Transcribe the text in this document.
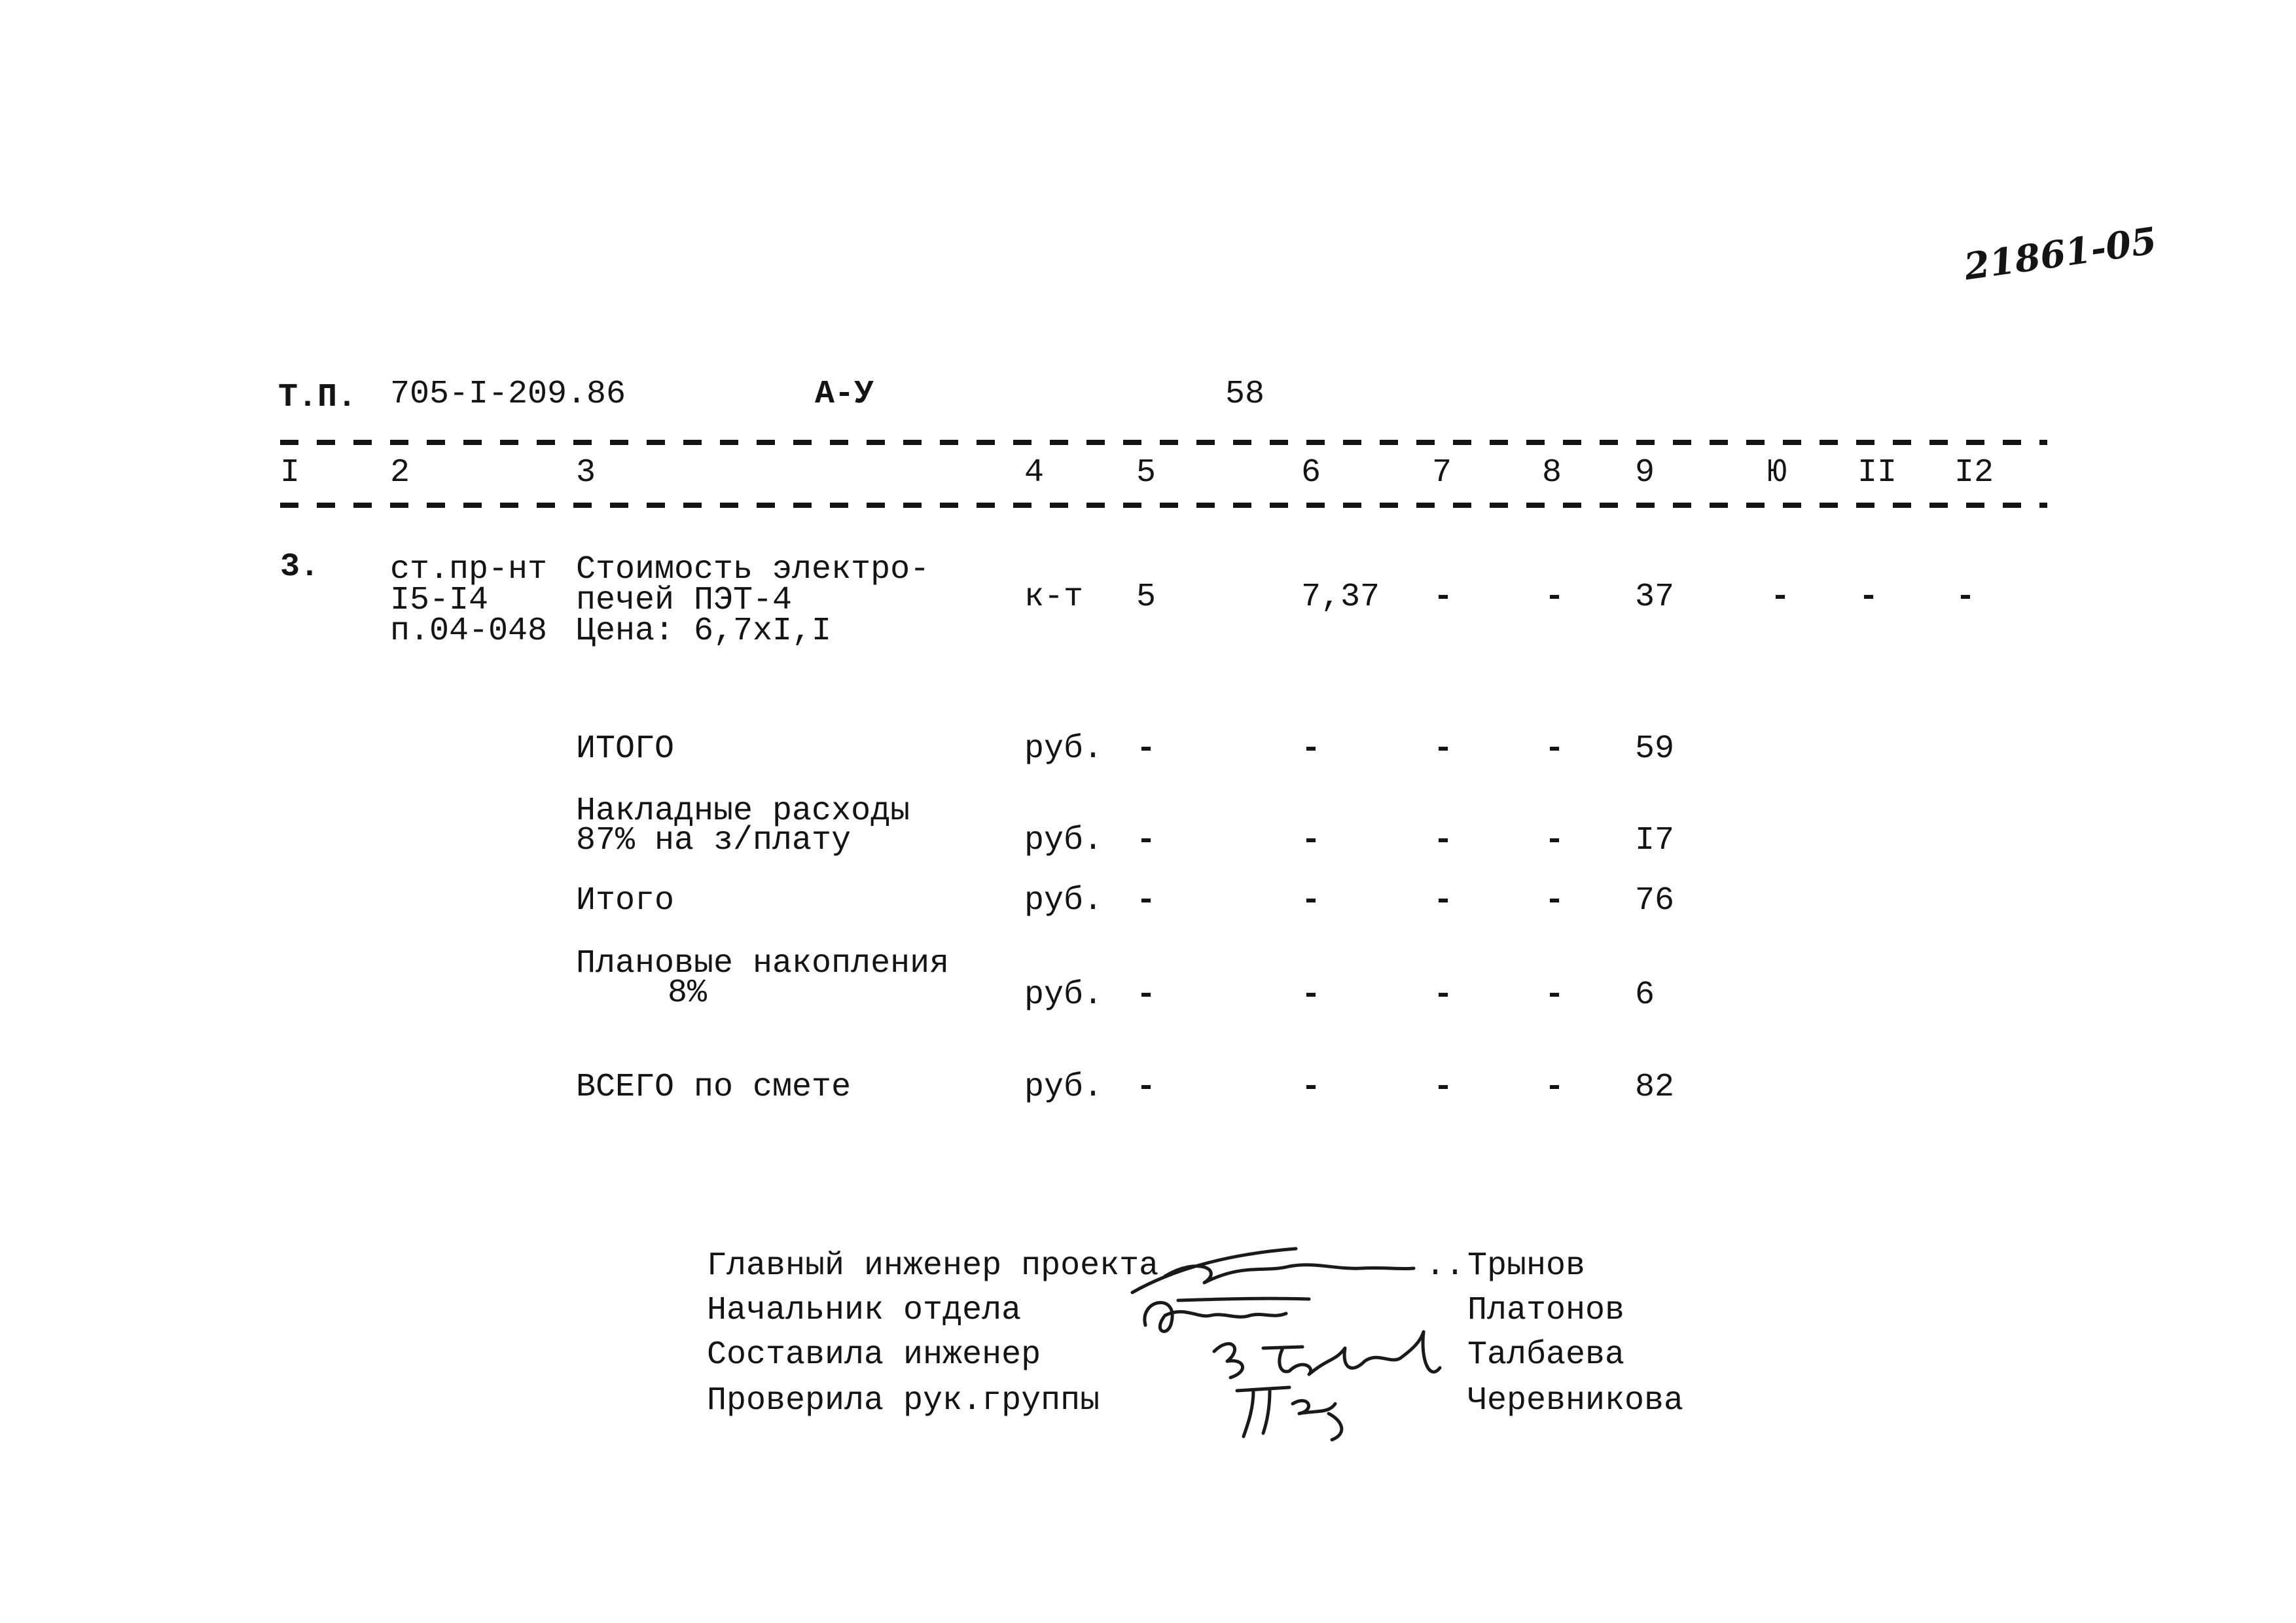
21861-05
Т.П. 705-I-209.86	А-У	58
I	2	3	4	5	6	7	8 9	Ю II I2
3. ст.пр-нт
I5-I4
п.04-048
Стоимость электро-
печей ПЭТ-4
Цена: 6,7хI,I
к-т 5	7,37 -	- 37	- - -
ИТОГО	руб. -	-	-	- 59
Накладные расходы
87% на з/плату	руб. -	-	-	- I7
Итого	руб. -	-	-	- 76
Плановые накопления
8%	руб. -	-	-	- 6
ВСЕГО по смете	руб. -	-	-	- 82
Главный инженер проекта	.. Трынов
Начальник отдела	Платонов
Составила инженер	Талбаева
Проверила рук.группы	Черевникова
